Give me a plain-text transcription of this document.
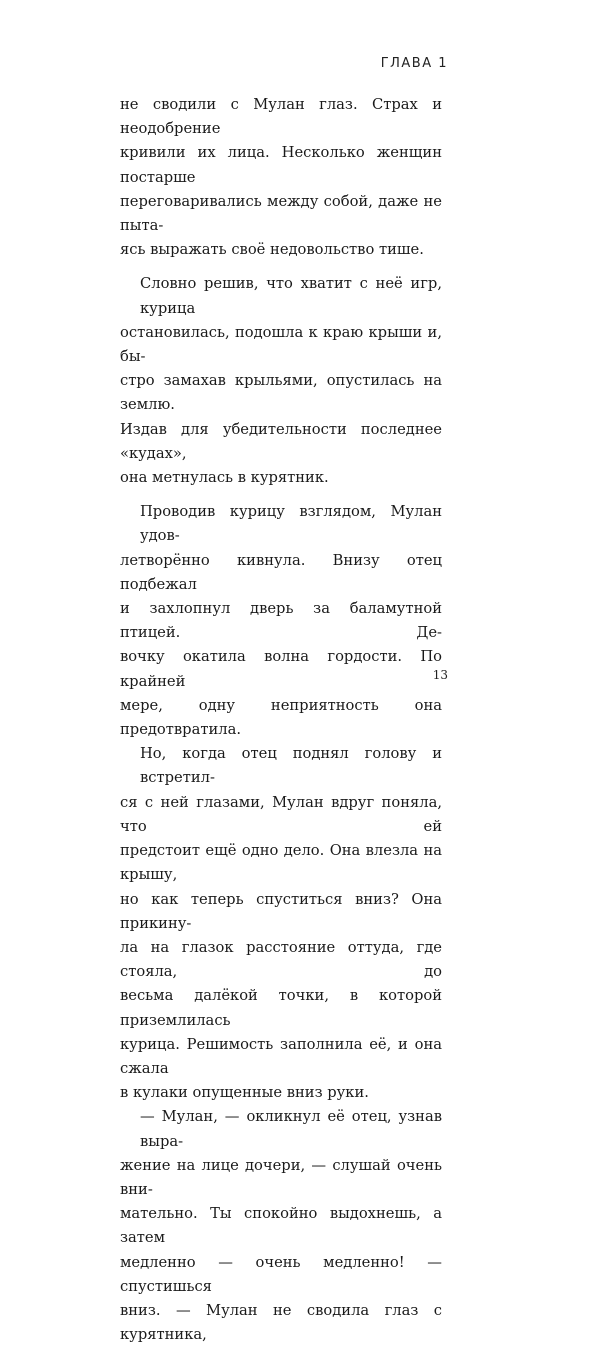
ГЛАВА 1

не сводили с Мулан глаз. Страх и неодобрение
кривили их лица. Несколько женщин постарше
переговаривались между собой, даже не пыта-
ясь выражать своё недовольство тише.

Словно решив, что хватит с неё игр, курица
остановилась, подошла к краю крыши и, бы-
стро замахав крыльями, опустилась на землю.
Издав для убедительности последнее «кудах»,
она метнулась в курятник.

Проводив курицу взглядом, Мулан удов-
летворённо кивнула. Внизу отец подбежал
и захлопнул дверь за баламутной птицей. Де-
вочку окатила волна гордости. По крайней
мере, одну неприятность она предотвратила.

Но, когда отец поднял голову и встретил-
ся с ней глазами, Мулан вдруг поняла, что ей
предстоит ещё одно дело. Она влезла на крышу,
но как теперь спуститься вниз? Она прикину-
ла на глазок расстояние оттуда, где стояла, до
весьма далёкой точки, в которой приземлилась
курица. Решимость заполнила её, и она сжала
в кулаки опущенные вниз руки.

— Мулан, — окликнул её отец, узнав выра-
жение на лице дочери, — слушай очень вни-
мательно. Ты спокойно выдохнешь, а затем
медленно — очень медленно! — спустишься
вниз. — Мулан не сводила глаз с курятника,

13
